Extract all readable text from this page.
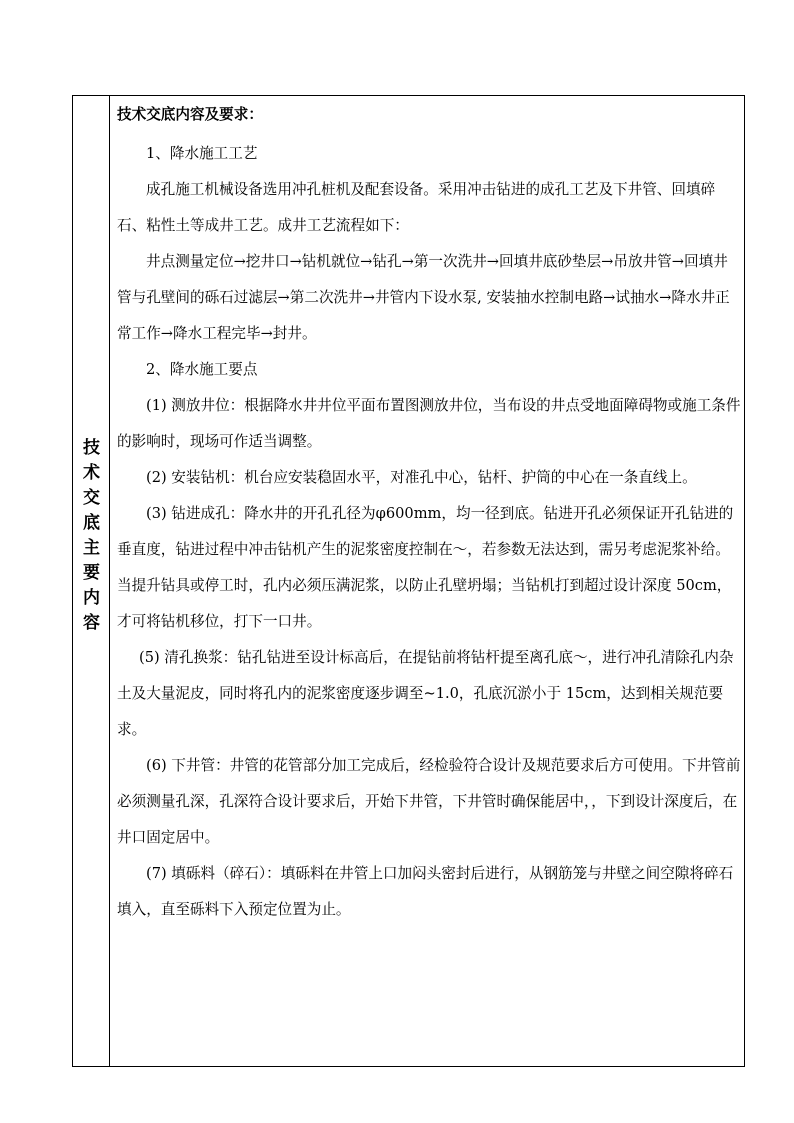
技
术
交
底
主
要
内
容

技术交底内容及要求：

1、降水施工工艺

成孔施工机械设备选用冲孔桩机及配套设备。采用冲击钻进的成孔工艺及下井管、回填碎石、粘性土等成井工艺。成井工艺流程如下：

井点测量定位→挖井口→钻机就位→钻孔→第一次洗井→回填井底砂垫层→吊放井管→回填井管与孔壁间的砾石过滤层→第二次洗井→井管内下设水泵, 安装抽水控制电路→试抽水→降水井正常工作→降水工程完毕→封井。

2、降水施工要点

(1) 测放井位：根据降水井井位平面布置图测放井位，当布设的井点受地面障碍物或施工条件的影响时，现场可作适当调整。

(2) 安装钻机：机台应安装稳固水平，对准孔中心，钻杆、护筒的中心在一条直线上。

(3) 钻进成孔：降水井的开孔孔径为φ600mm，均一径到底。钻进开孔必须保证开孔钻进的垂直度，钻进过程中冲击钻机产生的泥浆密度控制在～，若参数无法达到，需另考虑泥浆补给。当提升钻具或停工时，孔内必须压满泥浆，以防止孔壁坍塌；当钻机打到超过设计深度 50cm，才可将钻机移位，打下一口井。

(5) 清孔换浆：钻孔钻进至设计标高后，在提钻前将钻杆提至离孔底～，进行冲孔清除孔内杂土及大量泥皮，同时将孔内的泥浆密度逐步调至~1.0，孔底沉淤小于 15cm，达到相关规范要求。

(6) 下井管：井管的花管部分加工完成后，经检验符合设计及规范要求后方可使用。下井管前必须测量孔深，孔深符合设计要求后，开始下井管，下井管时确保能居中，，下到设计深度后，在井口固定居中。

(7) 填砾料（碎石）：填砾料在井管上口加闷头密封后进行，从钢筋笼与井壁之间空隙将碎石填入，直至砾料下入预定位置为止。
